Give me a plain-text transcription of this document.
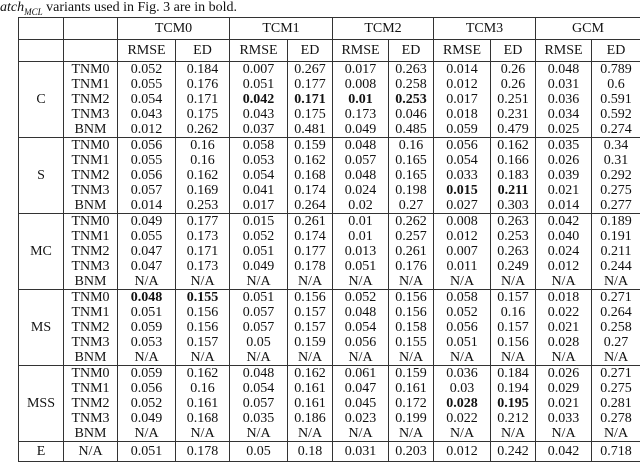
atch$_{MCL}$ variants used in Fig. 3 are in bold.
		TCM0		TCM1		TCM2		TCM3		GCM	
		RMSE	ED	RMSE	ED	RMSE	ED	RMSE	ED	RMSE	ED
C	TNM0	0.052	0.184	0.007	0.267	0.017	0.263	0.014	0.26	0.048	0.789
	TNM1	0.055	0.176	0.051	0.177	0.008	0.258	0.012	0.26	0.031	0.6
	TNM2	0.054	0.171	0.042	0.171	0.01	0.253	0.017	0.251	0.036	0.591
	TNM3	0.043	0.175	0.043	0.175	0.173	0.046	0.018	0.231	0.034	0.592
	BNM	0.012	0.262	0.037	0.481	0.049	0.485	0.059	0.479	0.025	0.274
S	TNM0	0.056	0.16	0.058	0.159	0.048	0.16	0.056	0.162	0.035	0.34
	TNM1	0.055	0.16	0.053	0.162	0.057	0.165	0.054	0.166	0.026	0.31
	TNM2	0.056	0.162	0.054	0.168	0.048	0.165	0.033	0.183	0.039	0.292
	TNM3	0.057	0.169	0.041	0.174	0.024	0.198	0.015	0.211	0.021	0.275
	BNM	0.014	0.253	0.017	0.264	0.02	0.27	0.027	0.303	0.014	0.277
MC	TNM0	0.049	0.177	0.015	0.261	0.01	0.262	0.008	0.263	0.042	0.189
	TNM1	0.055	0.173	0.052	0.174	0.01	0.257	0.012	0.253	0.040	0.191
	TNM2	0.047	0.171	0.051	0.177	0.013	0.261	0.007	0.263	0.024	0.211
	TNM3	0.047	0.173	0.049	0.178	0.051	0.176	0.011	0.249	0.012	0.244
	BNM	N/A	N/A	N/A	N/A	N/A	N/A	N/A	N/A	N/A	N/A
MS	TNM0	0.048	0.155	0.051	0.156	0.052	0.156	0.058	0.157	0.018	0.271
	TNM1	0.051	0.156	0.057	0.157	0.048	0.156	0.052	0.16	0.022	0.264
	TNM2	0.059	0.156	0.057	0.157	0.054	0.158	0.056	0.157	0.021	0.258
	TNM3	0.053	0.157	0.05	0.159	0.056	0.155	0.051	0.156	0.028	0.27
	BNM	N/A	N/A	N/A	N/A	N/A	N/A	N/A	N/A	N/A	N/A
MSS	TNM0	0.059	0.162	0.048	0.162	0.061	0.159	0.036	0.184	0.026	0.271
	TNM1	0.056	0.16	0.054	0.161	0.047	0.161	0.03	0.194	0.029	0.275
	TNM2	0.052	0.161	0.057	0.161	0.045	0.172	0.028	0.195	0.021	0.281
	TNM3	0.049	0.168	0.035	0.186	0.023	0.199	0.022	0.212	0.033	0.278
	BNM	N/A	N/A	N/A	N/A	N/A	N/A	N/A	N/A	N/A	N/A
E	N/A	0.051	0.178	0.05	0.18	0.031	0.203	0.012	0.242	0.042	0.718
